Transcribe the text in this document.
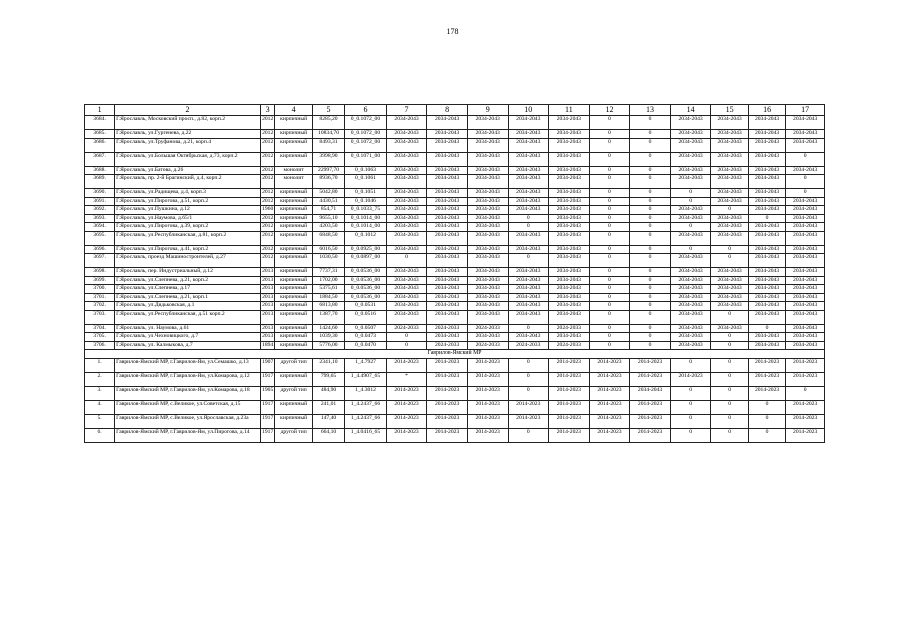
178
1	2	3	4	5	6	7	8	9	10	11	12	13	14	15	16	17
3684.	Г.Ярославль, Московский просп., д.82, корп.2	2012	кирпичный	8285,20	0_0.1072_00	2034-2043	2034-2043	2034-2043	2034-2043	2034-2043	0	0	2034-2043	2034-2043	2034-2043	2034-2043
3685.	Г.Ярославль, ул.Гургенева, д.22	2012	кирпичный	10834,70	0_0.1072_00	2034-2043	2034-2043	2034-2043	2034-2043	2034-2043	0	0	2034-2043	2034-2043	2034-2043	2034-2043
3686.	Г.Ярославль, ул.Труфанова, д.21, корп.4	2012	кирпичный	8493,31	0_0.1072_00	2034-2043	2034-2043	2034-2043	2034-2043	2034-2043	0	0	2034-2043	2034-2043	2034-2043	2034-2043
3687.	Г.Ярославль, ул.Большая Октябрьская, д.73, корп.2	2012	кирпичный	3998,90	0_0.1071_00	2034-2043	2034-2043	2034-2043	2034-2043	2034-2043	0	0	2034-2043	2034-2043	2034-2043	0
3688.	Г.Ярославль, ул.Батова, д.26	2012	монолит	22997,70	0_0.1063	2034-2043	2034-2043	2034-2043	2034-2043	2034-2043	0	0	2034-2043	2034-2043	2034-2043	2034-2043
3689.	Г.Ярославль, пр. 2-й Брагинский, д.4, корп.2	2012	монолит	8936,70	0_0.1061	2034-2043	2034-2043	2034-2043	2034-2043	2034-2043	0	0	2034-2043	2034-2043	2034-2043	0
3690.	Г.Ярославль, ул.Радищева, д.4, корп.3	2012	кирпичный	5042,80	0_0.1051	2034-2043	2034-2043	2034-2043	2034-2043	2034-2043	0	0	0	2034-2043	2034-2043	0
3691.	Г.Ярославль, ул.Пирогова, д.51, корп.2	2012	кирпичный	4430,51	0_0.1046	2034-2043	2034-2043	2034-2043	2034-2043	2034-2043	0	0	0	2034-2043	2034-2043	2034-2043
3692.	Г.Ярославль, ул.Пушкина, д.12	1960	кирпичный	854,71	0_0.1033_75	2034-2043	2034-2043	2034-2043	2034-2043	2034-2043	0	0	2034-2043	0	2034-2043	2034-2043
3693.	Г.Ярославль, ул.Наумова, д.65/1	2012	кирпичный	9655,10	0_0.1014_00	2034-2043	2034-2043	2034-2043	0	2034-2043	0	0	2034-2043	2034-2043	0	2034-2043
3694.	Г.Ярославль, ул.Пирогова, д.39, корп.2	2012	кирпичный	4203,50	0_0.1014_00	2034-2043	2034-2043	2034-2043	0	2034-2043	0	0	0	2034-2043	2034-2043	2034-2043
3695.	Г.Ярославль, ул.Республиканская, д.81, корп.2	2012	кирпичный	6848,50	0_0.1012	2034-2043	2034-2043	2034-2043	2034-2043	2034-2043	0	0	2034-2043	2034-2043	2034-2043	2034-2043
3696.	Г.Ярославль, ул.Пирогова, д.41, корп.2	2012	кирпичный	6016,50	0_0.0925_00	2034-2043	2034-2043	2034-2043	2034-2043	2034-2043	0	0	0	0	2034-2043	2034-2043
3697.	Г.Ярославль, проезд Машиностроителей, д.27	2012	кирпичный	1030,50	0_0.0897_00	0	2034-2043	2034-2043	0	2034-2043	0	0	2034-2043	0	2034-2043	2034-2043
3698.	Г.Ярославль, пер. Индустриальный, д.12	2013	кирпичный	7737,31	0_0.0536_00	2034-2043	2034-2043	2034-2043	2034-2043	2034-2043	0	0	2034-2043	2034-2043	2034-2043	2034-2043
3699.	Г.Ярославль, ул.Слепнева, д.21, корп.2	2013	кирпичный	1702,00	0_0.0536_00	2034-2043	2034-2043	2034-2043	2034-2043	2034-2043	0	0	2034-2043	2034-2043	2034-2043	2034-2043
3700.	Г.Ярославль, ул.Слепнева, д.17	2013	кирпичный	5375,61	0_0.0536_00	2034-2043	2034-2043	2034-2043	2034-2043	2034-2043	0	0	2034-2043	2034-2043	2034-2043	2034-2043
3701.	Г.Ярославль, ул.Слепнева, д.21, корп.1	2013	кирпичный	1884,50	0_0.0536_00	2034-2043	2034-2043	2034-2043	2034-2043	2034-2043	0	0	2034-2043	2034-2043	2034-2043	2034-2043
3702.	Г.Ярославль, ул.Дядьковская, д.1	2013	кирпичный	6813,80	0_0.0531	2034-2043	2034-2043	2034-2043	2034-2043	2034-2043	0	0	2034-2043	2034-2043	2034-2043	2034-2043
3703.	Г.Ярославль, ул.Республиканская, д.51 корп.2	2013	кирпичный	1387,70	0_0.0516	2034-2043	2034-2043	2034-2043	2034-2043	2034-2043	0	0	2034-2043	0	2034-2043	2034-2043
3704.	Г.Ярославль, ул. Наумова, д.61	2013	кирпичный	1424,60	0_0.0507	2024-2033	2024-2033	2024-2033	0	2024-2033	0	0	2034-2043	2034-2043	0	2034-2043
3705.	Г.Ярославль, ул.Чехновицкого, д.7	2013	кирпичный	1039,30	0_0.0473	0	2034-2043	2034-2043	2034-2043	2034-2043	0	0	2034-2043	0	2034-2043	2034-2043
3706.	Г.Ярославль, ул. Калмыкова, д.7	1894	кирпичный	5776,00	0_0.0470	0	2024-2033	2024-2033	2024-2033	2024-2033	0	0	2034-2043	0	2034-2043	2034-2043
Гаврилов-Ямский МР																
1.	Гаврилов-Ямский МР, г.Гаврилов-Ям, ул.Семашко, д.13	1907	другой тип	2341,10	1_4.7927	2014-2023	2014-2023	2014-2023	0	2014-2023	2014-2023	2014-2023	0	0	2014-2023	2014-2023
2.	Гаврилов-Ямский МР, г.Гаврилов-Ям, ул.Комарова, д.12	1917	кирпичный	799,65	1_4.4907_65	*	2014-2023	2014-2023	0	2014-2023	2014-2023	2014-2023	2014-2023	0	2014-2023	2014-2023
3.	Гаврилов-Ямский МР, г.Гаврилов-Ям, ул.Комарова, д.18	1905	другой тип	484,90	1_4.3012	2014-2023	2014-2023	2014-2023	0	2014-2023	2014-2023	2034-2043	0	0	2014-2023	0
4.	Гаврилов-Ямский МР, с.Великое, ул.Советская, д.15	1917	кирпичный	241,01	1_4.2437_66	2014-2023	2014-2023	2014-2023	2014-2023	2014-2023	2014-2023	2014-2023	0	0	0	2014-2023
5.	Гаврилов-Ямский МР, с.Великое, ул.Ярославская, д.23а	1917	кирпичный	147,40	1_4.2437_66	2014-2023	2014-2023	2014-2023	2014-2023	2014-2023	2014-2023	2014-2023	0	0	0	2014-2023
6.	Гаврилов-Ямский МР, г.Гаврилов-Ям, ул.Пирогова, д.14	1917	другой тип	664,10	1_4.0416_65	2014-2023	2014-2023	2014-2023	0	2014-2023	2014-2023	2014-2023	0	0	0	2014-2023
